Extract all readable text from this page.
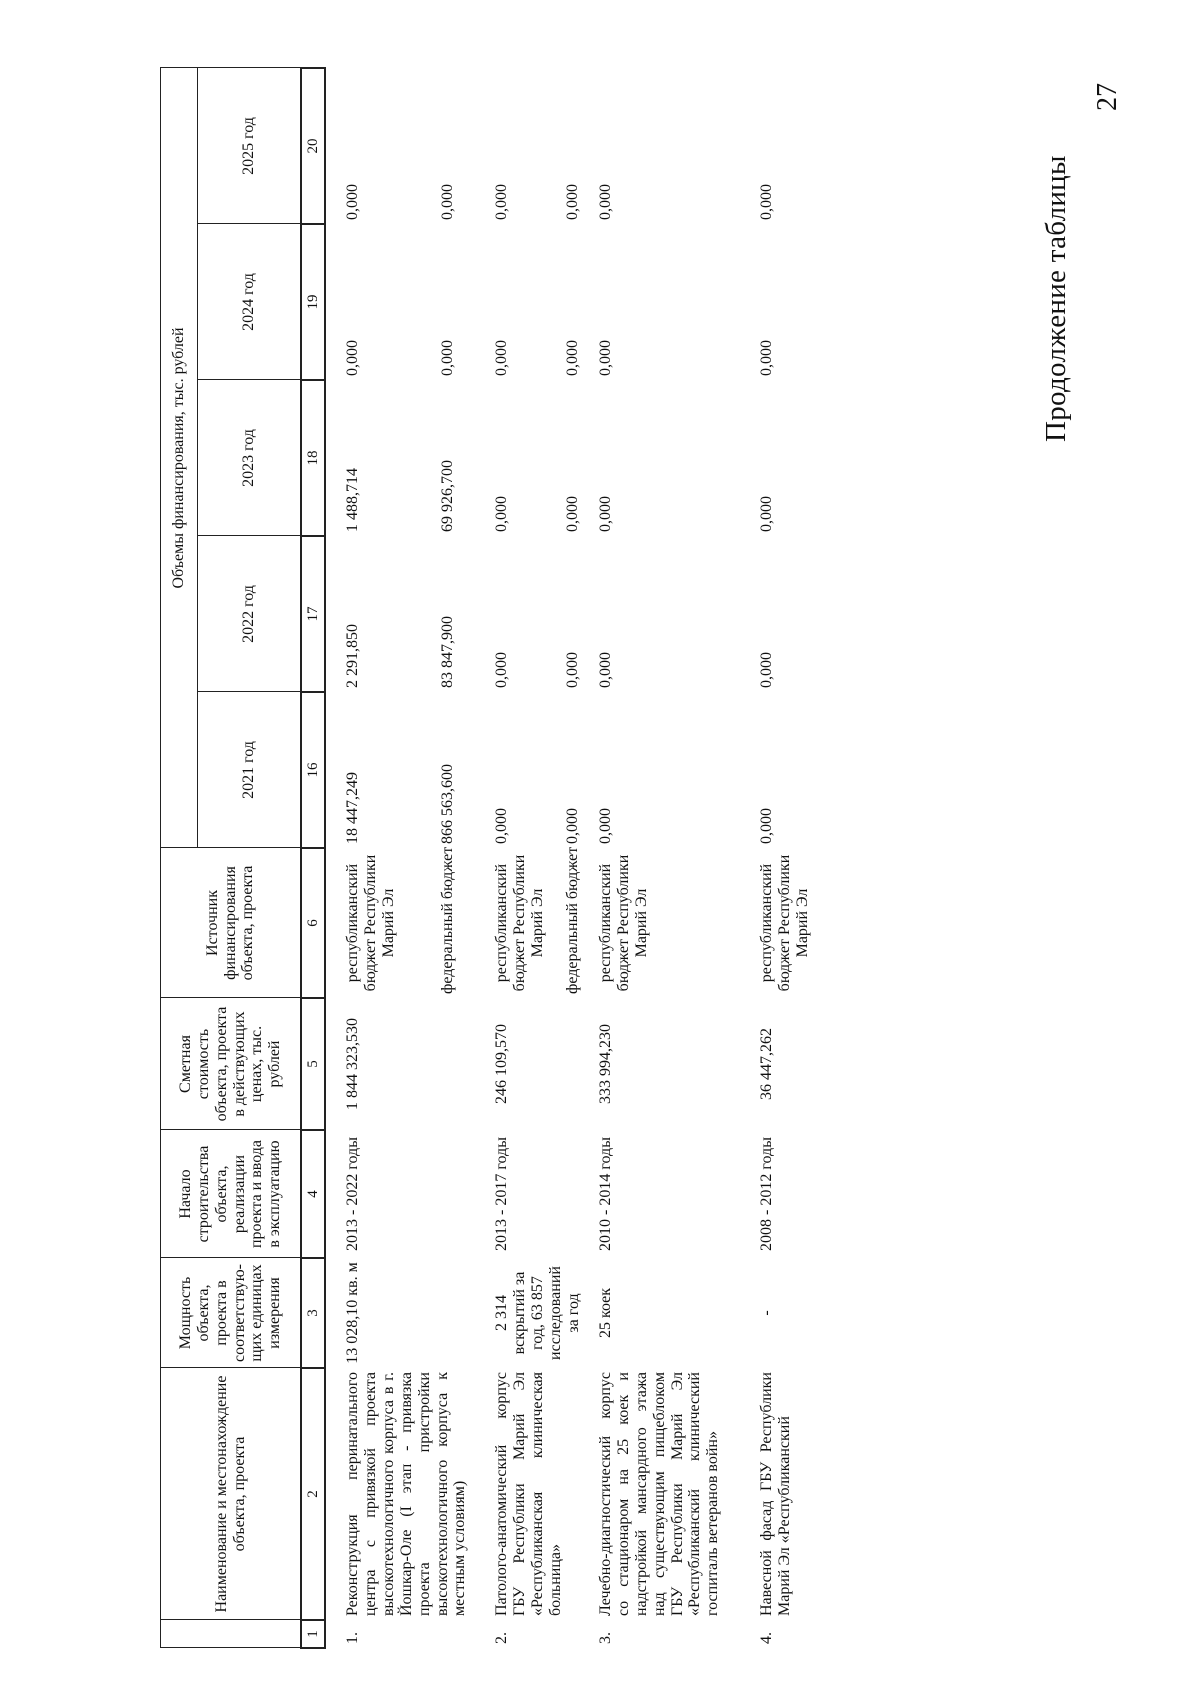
27
Продолжение таблицы
	Наименование и местонахождение объекта, проекта	Мощность объекта, проекта в соответствую-щих единицах измерения	Начало строительства объекта, реализации проекта и ввода в эксплуатацию	Сметная стоимость объекта, проекта в действующих ценах, тыс. рублей	Источник финансирования объекта, проекта	Объемы финансирования, тыс. рублей				
						2021 год	2022 год	2023 год	2024 год	2025 год
1	2	3	4	5	6	16	17	18	19	20
1.	Реконструкция перинатального центра с привязкой проекта высокотехнологичного корпуса в г. Йошкар-Оле (I этап - привязка проекта пристройки высокотехнологичного корпуса к местным условиям)	13 028,10 кв. м	2013 - 2022 годы	1 844 323,530	республиканский бюджет Республики Марий Эл	18 447,249	2 291,850	1 488,714	0,000	0,000
					федеральный бюджет	866 563,600	83 847,900	69 926,700	0,000	0,000
2.	Патолого-анатомический корпус ГБУ Республики Марий Эл «Республиканская клиническая больница»	2 314 вскрытий за год, 63 857 исследований за год	2013 - 2017 годы	246 109,570	республиканский бюджет Республики Марий Эл	0,000	0,000	0,000	0,000	0,000
					федеральный бюджет	0,000	0,000	0,000	0,000	0,000
3.	Лечебно-диагностический корпус со стационаром на 25 коек и надстройкой мансардного этажа над существующим пищеблоком ГБУ Республики Марий Эл «Республиканский клинический госпиталь ветеранов войн»	25 коек	2010 - 2014 годы	333 994,230	республиканский бюджет Республики Марий Эл	0,000	0,000	0,000	0,000	0,000
4.	Навесной фасад ГБУ Республики Марий Эл «Республиканский	-	2008 - 2012 годы	36 447,262	республиканский бюджет Республики Марий Эл	0,000	0,000	0,000	0,000	0,000
